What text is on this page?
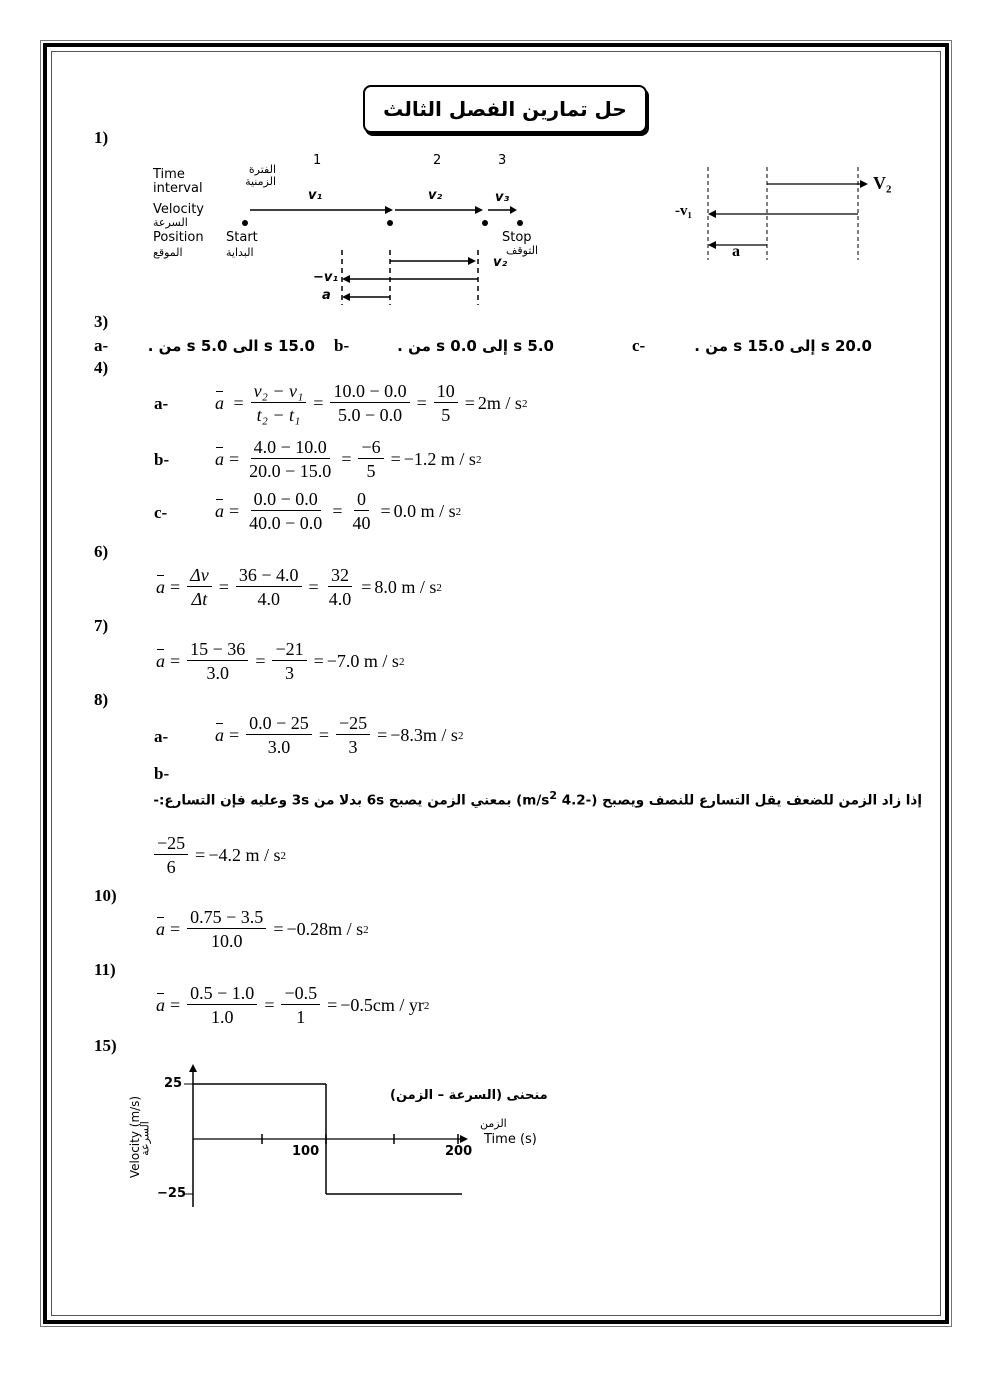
حل تمارين الفصل الثالث
1)
3)
4)
6)
7)
8)
10)
11)
15)
Time interval
الفترة الزمنية
Velocity
السرعة
Position
الموقع
Start
البداية
Stop
التوقف
1	2	3
v₁	v₂	v₃
−v₁
a
v₂
V₂
-v₁
a
a-	15.0 s الى 5.0 s من . b-	5.0 s إلى 0.0 s من .	c-	20.0 s إلى 15.0 s من .
a-	$a = \frac{\text{v₂ − v₁}}{\text{t₂ − t₁}} = \frac{10.0 - 0.0}{5.0 - 0.0} = \frac{10}{5} = 2m / s$ 2
b-	$a = \frac{4.0 - 10.0}{20.0 - 15.0} = \frac{-6}{5} = -1.2$ m / s 2
c-	$a = \frac{0.0 - 0.0}{40.0 - 0.0} = \frac{0}{40} = 0.0$ m / s 2
$a = \frac{\Delta v}{\Delta t} = \frac{36 - 4.0}{4.0} = \frac{32}{4.0} = 8.0$ m / s 2
$a = \frac{15 - 36}{3.0} = \frac{-21}{3} = -7.0$ m / s 2
a-	$a = \frac{0.0 - 25}{3.0} = \frac{-25}{3} = -8.3m / s$ 2
b-
إذا زاد الزمن للضعف يقل التسارع للنصف ويصبح (-4.2 $m/s^2$) بمعني الزمن يصبح 6s بدلا من 3s وعليه فإن التسارع:-
$\frac{-25}{6} = -4.2$ m / s 2
$a = \frac{0.75 - 3.5}{10.0} = -0.28m / s$ 2
$a = \frac{0.5 - 1.0}{1.0} = \frac{-0.5}{1} = -0.5cm$ / yr 2
25
−25
100	200
Time (s)
الزمن
Velocity (m/s)
السرعة
منحنى (السرعة – الزمن)
